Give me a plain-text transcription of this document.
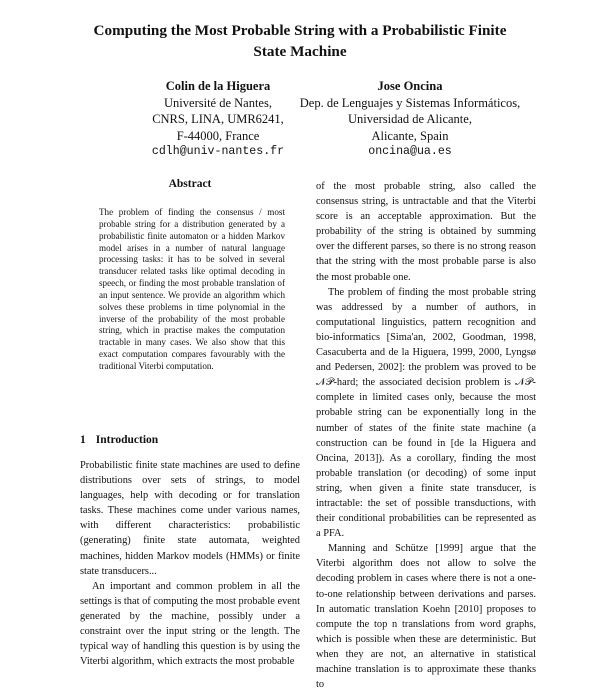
Computing the Most Probable String with a Probabilistic Finite State Machine
Colin de la Higuera
Université de Nantes,
CNRS, LINA, UMR6241,
F-44000, France
cdlh@univ-nantes.fr
Jose Oncina
Dep. de Lenguajes y Sistemas Informáticos,
Universidad de Alicante,
Alicante, Spain
oncina@ua.es
Abstract
The problem of finding the consensus / most probable string for a distribution generated by a probabilistic finite automaton or a hidden Markov model arises in a number of natural language processing tasks: it has to be solved in several transducer related tasks like optimal decoding in speech, or finding the most probable translation of an input sentence. We provide an algorithm which solves these problems in time polynomial in the inverse of the probability of the most probable string, which in practise makes the computation tractable in many cases. We also show that this exact computation compares favourably with the traditional Viterbi computation.
1 Introduction

Probabilistic finite state machines are used to define distributions over sets of strings, to model languages, help with decoding or for translation tasks. These machines come under various names, with different characteristics: probabilistic (generating) finite state automata, weighted machines, hidden Markov models (HMMs) or finite state transducers...

An important and common problem in all the settings is that of computing the most probable event generated by the machine, possibly under a constraint over the input string or the length. The typical way of handling this question is by using the Viterbi algorithm, which extracts the most probable

of the most probable string, also called the consensus string, is untractable and that the Viterbi score is an acceptable approximation. But the probability of the string is obtained by summing over the different parses, so there is no strong reason that the string with the most probable parse is also the most probable one.

The problem of finding the most probable string was addressed by a number of authors, in computational linguistics, pattern recognition and bio-informatics [Sima'an, 2002, Goodman, 1998, Casacuberta and de la Higuera, 1999, 2000, Lyngsø and Pedersen, 2002]: the problem was proved to be 𝒩𝒫-hard; the associated decision problem is 𝒩𝒫-complete in limited cases only, because the most probable string can be exponentially long in the number of states of the finite state machine (a construction can be found in [de la Higuera and Oncina, 2013]). As a corollary, finding the most probable translation (or decoding) of some input string, when given a finite state transducer, is intractable: the set of possible transductions, with their conditional probabilities can be represented as a PFA.

Manning and Schütze [1999] argue that the Viterbi algorithm does not allow to solve the decoding problem in cases where there is not a one-to-one relationship between derivations and parses. In automatic translation Koehn [2010] proposes to compute the top n translations from word graphs, which is possible when these are deterministic. But when they are not, an alternative in statistical machine translation is to approximate these thanks to
